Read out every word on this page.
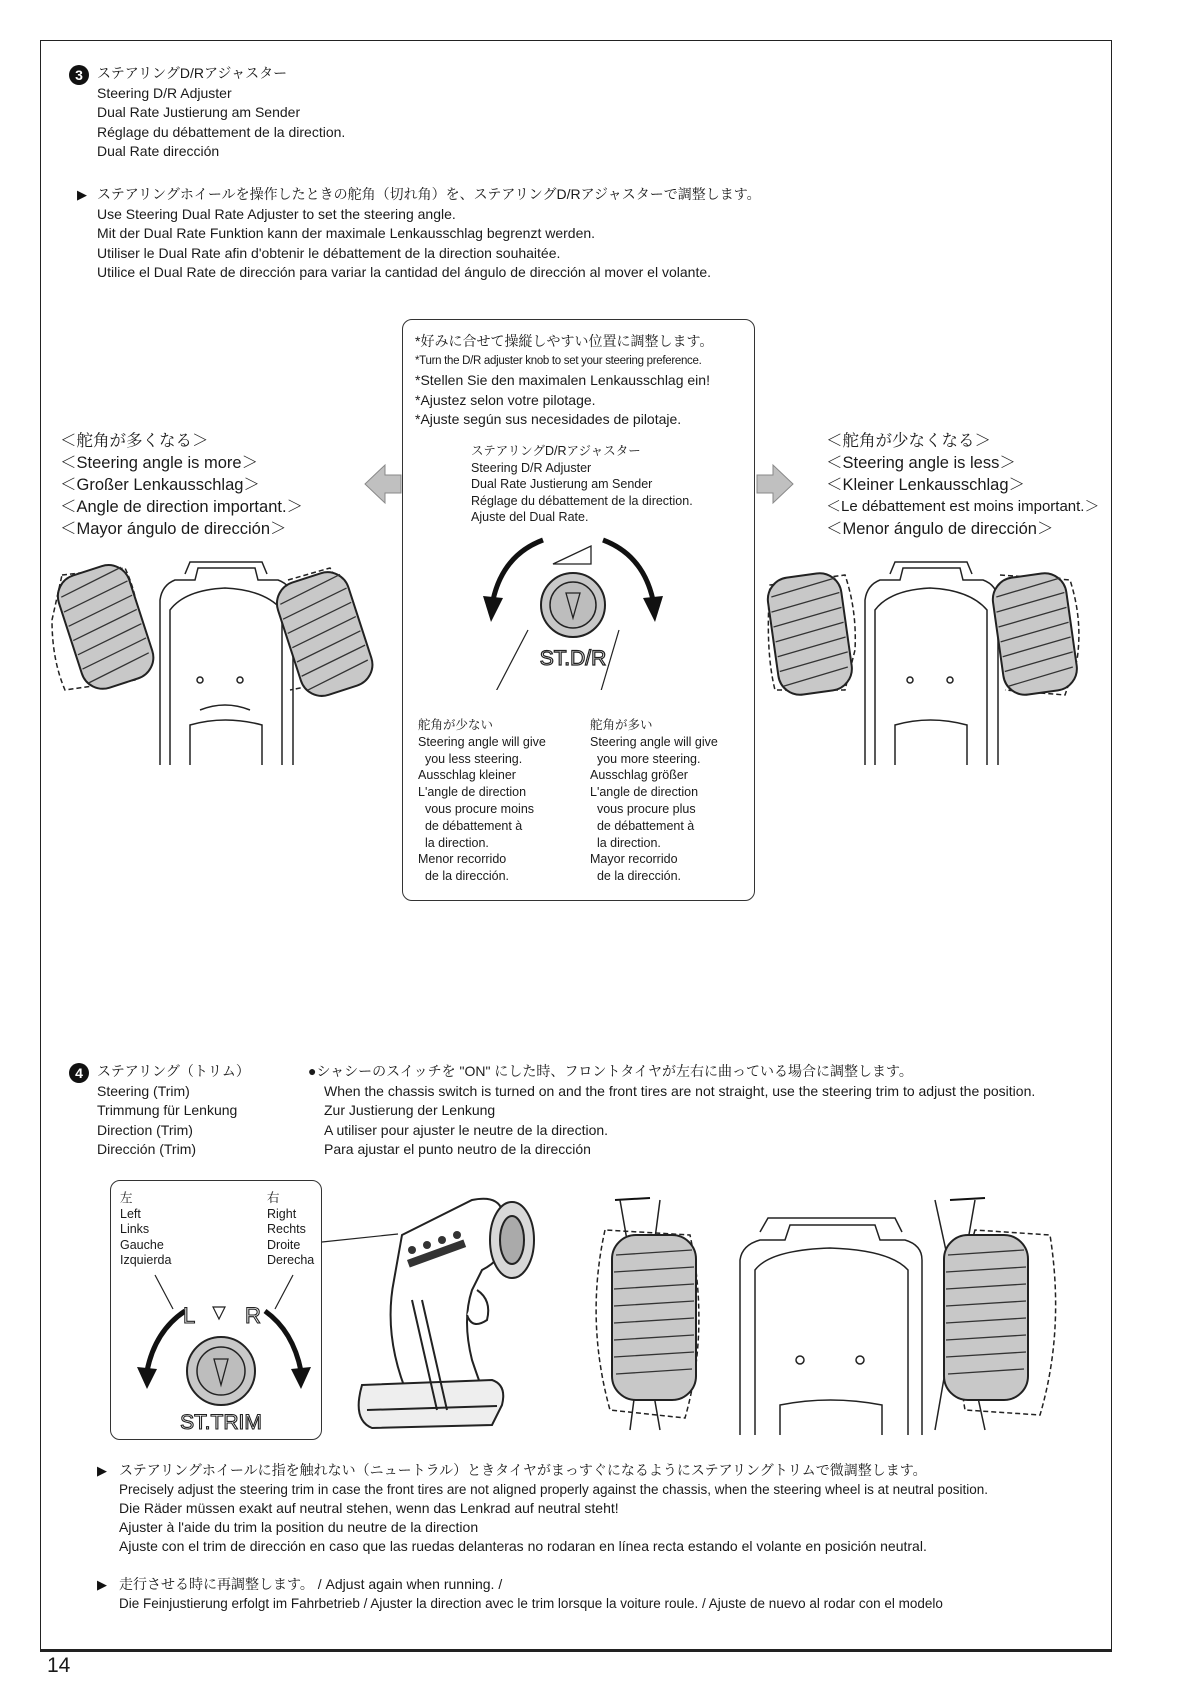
3	ステアリングD/Rアジャスター
Steering D/R Adjuster
Dual Rate Justierung am Sender
Réglage du débattement de la direction.
Dual Rate dirección
▶ ステアリングホイールを操作したときの舵角（切れ角）を、ステアリングD/Rアジャスターで調整します。
Use Steering Dual Rate Adjuster to set the steering angle.
Mit der Dual Rate Funktion kann der maximale Lenkausschlag begrenzt werden.
Utiliser le Dual Rate afin d'obtenir le débattement de la direction souhaitée.
Utilice el Dual Rate de dirección para variar la cantidad del ángulo de dirección al mover el volante.
＜舵角が多くなる＞
＜Steering angle is more＞
＜Großer Lenkausschlag＞
＜Angle de direction important.＞
＜Mayor ángulo de dirección＞
＜舵角が少なくなる＞
＜Steering angle is less＞
＜Kleiner Lenkausschlag＞
＜Le débattement est moins important.＞
＜Menor ángulo de dirección＞
*好みに合せて操縦しやすい位置に調整します。
*Turn the D/R adjuster knob to set your steering preference.
*Stellen Sie den maximalen Lenkausschlag ein!
*Ajustez selon votre pilotage.
*Ajuste según sus necesidades de pilotaje.
ステアリングD/Rアジャスター
Steering D/R Adjuster
Dual Rate Justierung am Sender
Réglage du débattement de la direction.
Ajuste del Dual Rate.
ST.D/R
舵角が少ない
Steering angle will give
you less steering.
Ausschlag kleiner
L'angle de direction
vous procure moins
de débattement à
la direction.
Menor recorrido
de la dirección.
舵角が多い
Steering angle will give
you more steering.
Ausschlag größer
L'angle de direction
vous procure plus
de débattement à
la direction.
Mayor recorrido
de la dirección.
4	ステアリング（トリム）
Steering (Trim)
Trimmung für Lenkung
Direction (Trim)
Dirección (Trim)
●シャシーのスイッチを "ON" にした時、フロントタイヤが左右に曲っている場合に調整します。
When the chassis switch is turned on and the front tires are not straight, use the steering trim to adjust the position.
Zur Justierung der Lenkung
A utiliser pour ajuster le neutre de la direction.
Para ajustar el punto neutro de la dirección
左
Left
Links
Gauche
Izquierda
右
Right
Rechts
Droite
Derecha
L R
ST.TRIM
▶ ステアリングホイールに指を触れない（ニュートラル）ときタイヤがまっすぐになるようにステアリングトリムで微調整します。
Precisely adjust the steering trim in case the front tires are not aligned properly against the chassis, when the steering wheel is at neutral position.
Die Räder müssen exakt auf neutral stehen, wenn das Lenkrad auf neutral steht!
Ajuster à l'aide du trim la position du neutre de la direction
Ajuste con el trim de dirección en caso que las ruedas delanteras no rodaran en línea recta estando el volante en posición neutral.
▶ 走行させる時に再調整します。 / Adjust again when running. /
Die Feinjustierung erfolgt im Fahrbetrieb / Ajuster la direction avec le trim lorsque la voiture roule. / Ajuste de nuevo al rodar con el modelo
14
